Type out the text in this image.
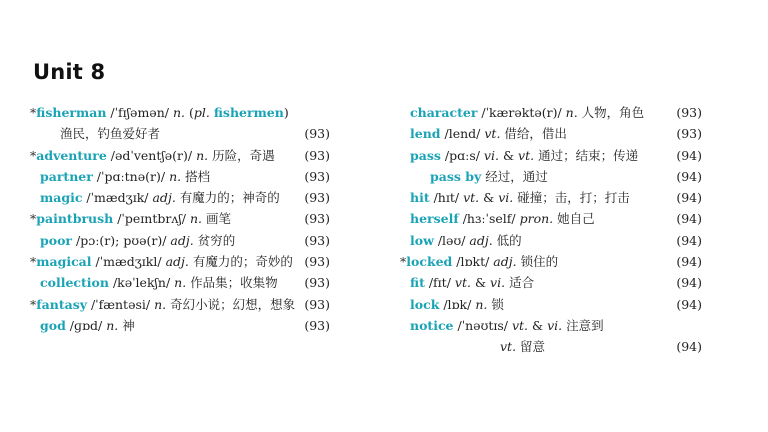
Unit 8
*fisherman /ˈfɪʃəmən/ n. (pl. fishermen)
渔民，钓鱼爱好者	(93)
*adventure /ədˈventʃə(r)/ n. 历险，奇遇 (93)
partner /ˈpɑːtnə(r)/ n. 搭档	(93)
magic /ˈmædʒɪk/ adj. 有魔力的；神奇的 (93)
*paintbrush /ˈpeɪntbrʌʃ/ n. 画笔	(93)
poor /pɔː(r); pʊə(r)/ adj. 贫穷的	(93)
*magical /ˈmædʒɪkl/ adj. 有魔力的；奇妙的 (93)
collection /kəˈlekʃn/ n. 作品集；收集物 (93)
*fantasy /ˈfæntəsi/ n. 奇幻小说；幻想，想象 (93)
god /ɡɒd/ n. 神	(93)
character /ˈkærəktə(r)/ n. 人物，角色	(93)
lend /lend/ vt. 借给，借出	(93)
pass /pɑːs/ vi. & vt. 通过；结束；传递	(94)
pass by 经过，通过	(94)
hit /hɪt/ vt. & vi. 碰撞；击，打；打击	(94)
herself /hɜːˈself/ pron. 她自己	(94)
low /ləʊ/ adj. 低的	(94)
*locked /lɒkt/ adj. 锁住的	(94)
fit /fɪt/ vt. & vi. 适合	(94)
lock /lɒk/ n. 锁	(94)
notice /ˈnəʊtɪs/ vt. & vi. 注意到
vt. 留意	(94)
